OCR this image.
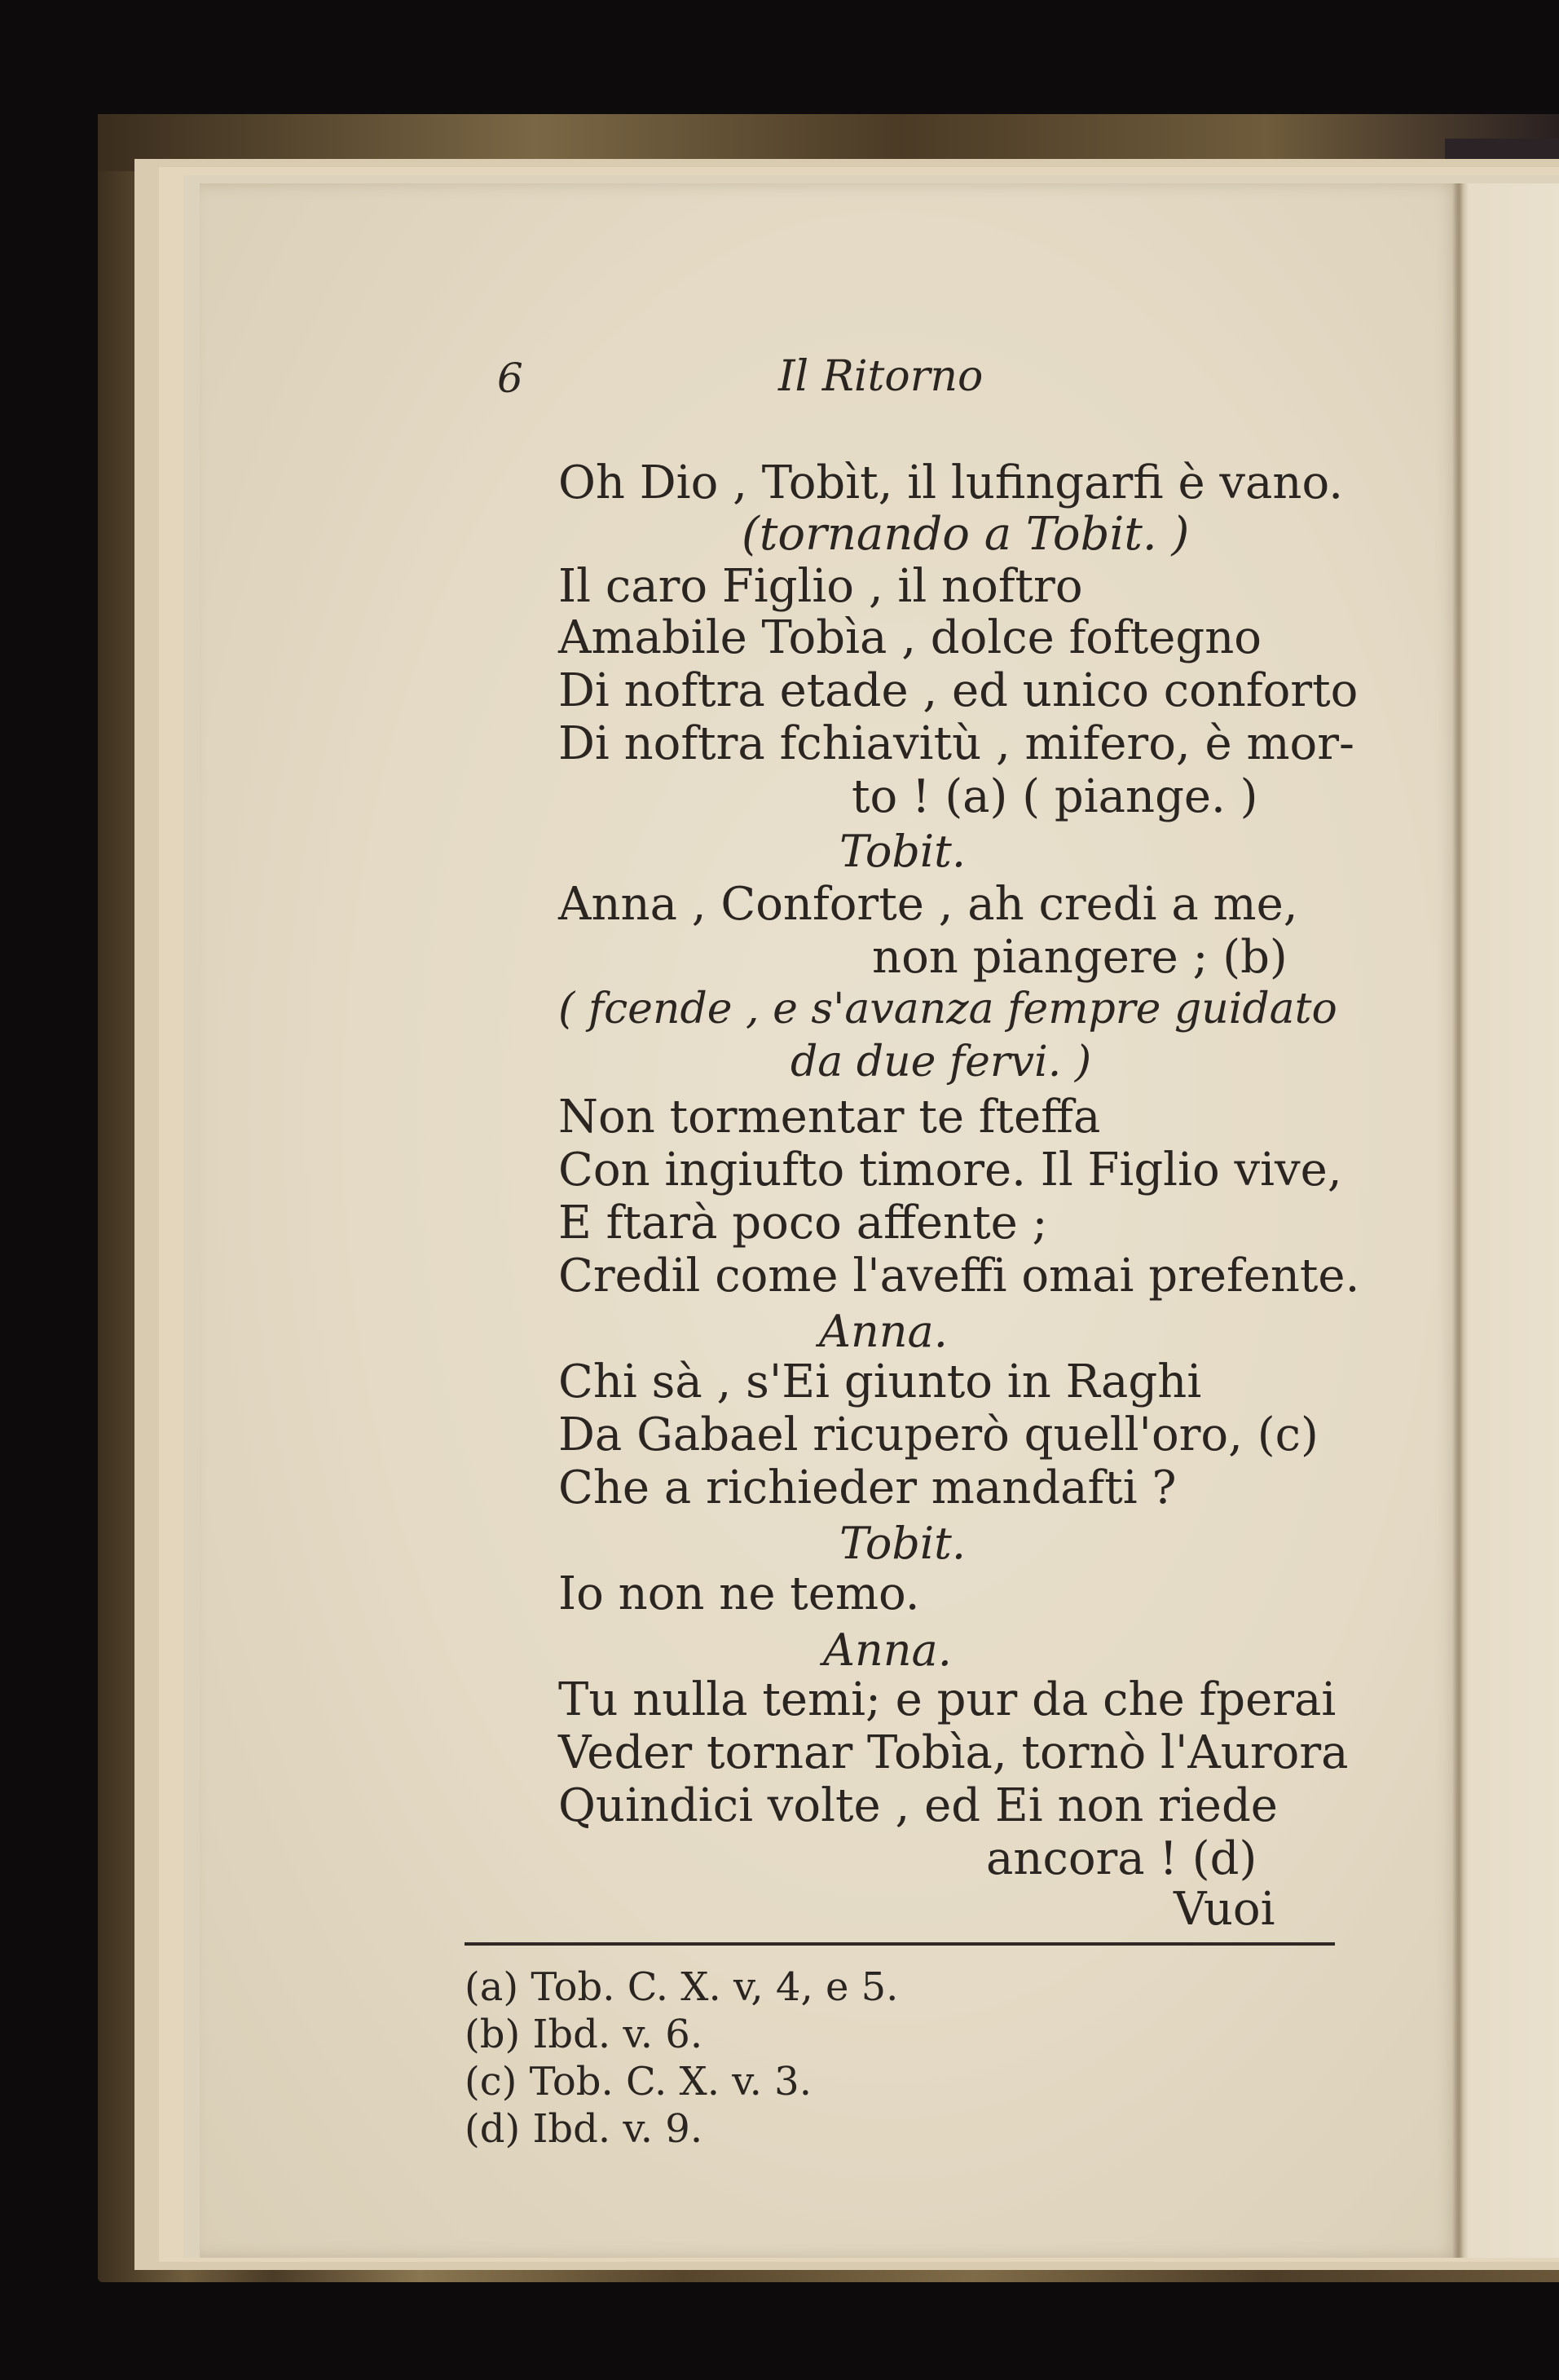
6	Il Ritorno
Oh Dio , Tobìt, il lufingarfi è vano.
(tornando a Tobit. )
Il caro Figlio , il noftro
Amabile Tobìa , dolce foftegno
Di noftra etade , ed unico conforto
Di noftra fchiavitù , mifero, è mor-
to ! (a) ( piange. )
Tobit.
Anna , Conforte , ah credi a me,
non piangere ; (b)
( fcende , e s'avanza fempre guidato
da due fervi. )
Non tormentar te fteffa
Con ingiufto timore. Il Figlio vive,
E ftarà poco affente ;
Credil come l'aveffi omai prefente.
Anna.
Chi sà , s'Ei giunto in Raghi
Da Gabael ricuperò quell'oro, (c)
Che a richieder mandafti ?
Tobit.
Io non ne temo.
Anna.
Tu nulla temi; e pur da che fperai
Veder tornar Tobìa, tornò l'Aurora
Quindici volte , ed Ei non riede
ancora ! (d)
Vuoi
(a) Tob. C. X. v, 4, e 5.
(b) Ibd. v. 6.
(c) Tob. C. X. v. 3.
(d) Ibd. v. 9.
